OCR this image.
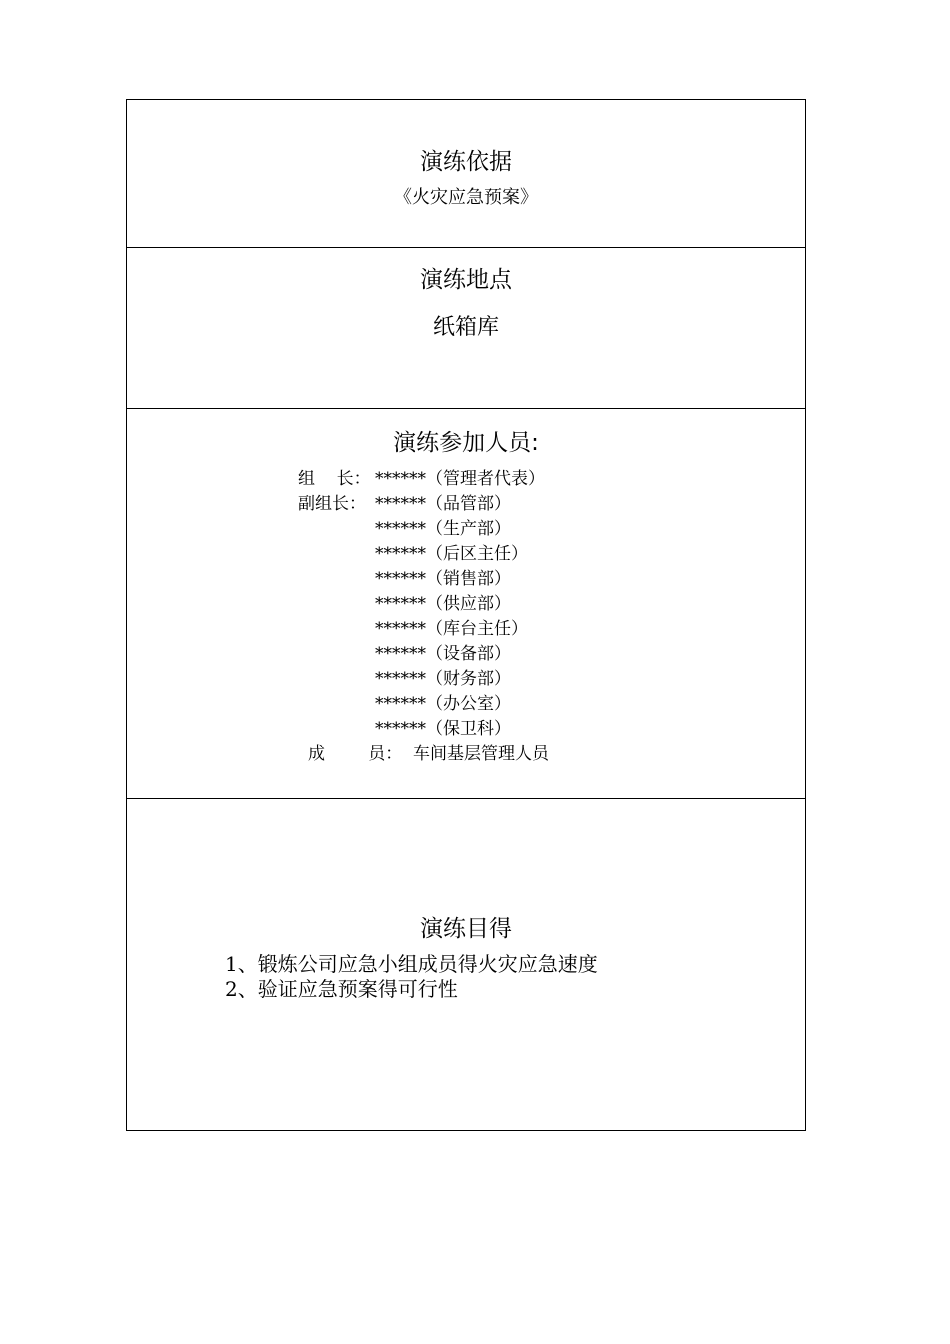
演练依据
《火灾应急预案》
演练地点
纸箱库
演练参加人员:
组    长： ******（管理者代表）
副组长： ******（品管部）
******（生产部）
******（后区主任）
******（销售部）
******（供应部）
******（库台主任）
******（设备部）
******（财务部）
******（办公室）
******（保卫科）
成        员： 车间基层管理人员
演练目得
1、锻炼公司应急小组成员得火灾应急速度
2、验证应急预案得可行性
